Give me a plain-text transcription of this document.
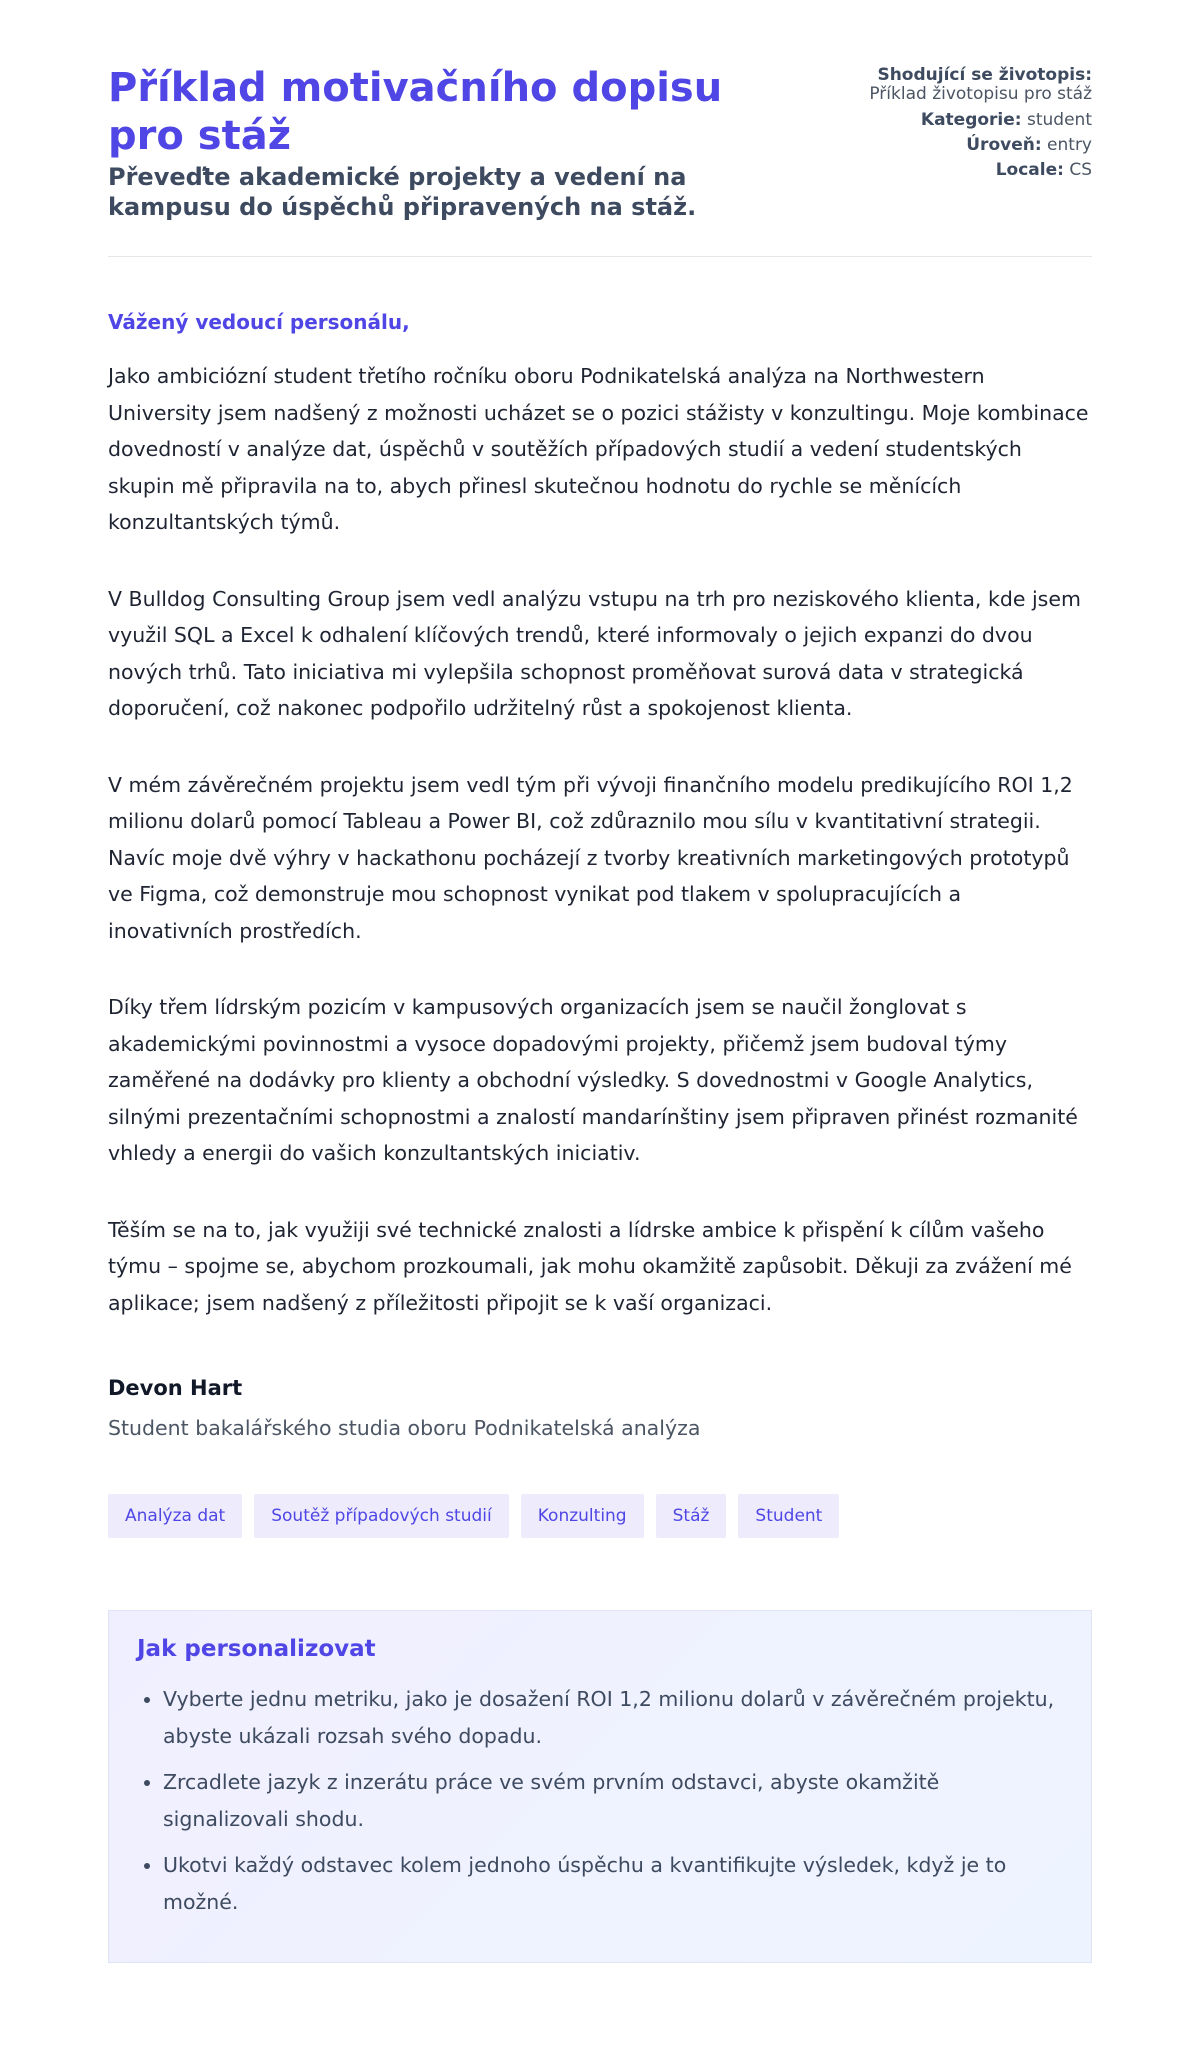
Příklad motivačního dopisu pro stáž
Převeďte akademické projekty a vedení na kampusu do úspěchů připravených na stáž.
Shodující se životopis:
Příklad životopisu pro stáž
Kategorie: student
Úroveň: entry
Locale: CS
Vážený vedoucí personálu,

Jako ambiciózní student třetího ročníku oboru Podnikatelská analýza na Northwestern University jsem nadšený z možnosti ucházet se o pozici stážisty v konzultingu. Moje kombinace dovedností v analýze dat, úspěchů v soutěžích případových studií a vedení studentských skupin mě připravila na to, abych přinesl skutečnou hodnotu do rychle se měnících konzultantských týmů.

V Bulldog Consulting Group jsem vedl analýzu vstupu na trh pro neziskového klienta, kde jsem využil SQL a Excel k odhalení klíčových trendů, které informovaly o jejich expanzi do dvou nových trhů. Tato iniciativa mi vylepšila schopnost proměňovat surová data v strategická doporučení, což nakonec podpořilo udržitelný růst a spokojenost klienta.

V mém závěrečném projektu jsem vedl tým při vývoji finančního modelu predikujícího ROI 1,2 milionu dolarů pomocí Tableau a Power BI, což zdůraznilo mou sílu v kvantitativní strategii. Navíc moje dvě výhry v hackathonu pocházejí z tvorby kreativních marketingových prototypů ve Figma, což demonstruje mou schopnost vynikat pod tlakem v spolupracujících a inovativních prostředích.

Díky třem lídrským pozicím v kampusových organizacích jsem se naučil žonglovat s akademickými povinnostmi a vysoce dopadovými projekty, přičemž jsem budoval týmy zaměřené na dodávky pro klienty a obchodní výsledky. S dovednostmi v Google Analytics, silnými prezentačními schopnostmi a znalostí mandarínštiny jsem připraven přinést rozmanité vhledy a energii do vašich konzultantských iniciativ.

Těším se na to, jak využiji své technické znalosti a lídrske ambice k přispění k cílům vašeho týmu – spojme se, abychom prozkoumali, jak mohu okamžitě zapůsobit. Děkuji za zvážení mé aplikace; jsem nadšený z příležitosti připojit se k vaší organizaci.

Devon Hart
Student bakalářského studia oboru Podnikatelská analýza
Analýza dat	Soutěž případových studií	Konzulting	Stáž	Student
Jak personalizovat
• Vyberte jednu metriku, jako je dosažení ROI 1,2 milionu dolarů v závěrečném projektu, abyste ukázali rozsah svého dopadu.
• Zrcadlete jazyk z inzerátu práce ve svém prvním odstavci, abyste okamžitě signalizovali shodu.
• Ukotvi každý odstavec kolem jednoho úspěchu a kvantifikujte výsledek, když je to možné.
